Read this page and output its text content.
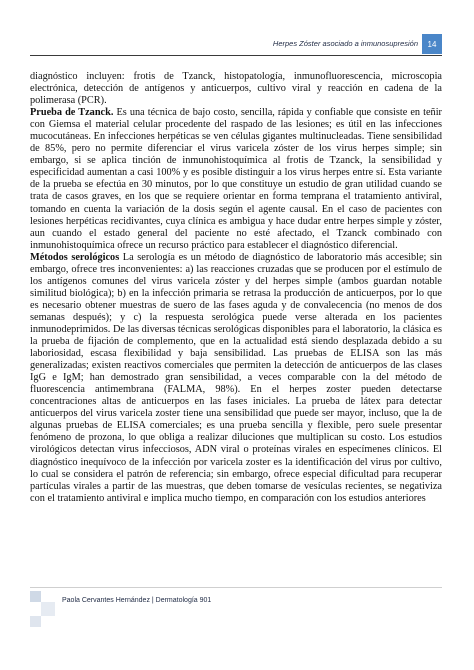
Herpes Zóster asociado a inmunosupresión	14

diagnóstico incluyen: frotis de Tzanck, histopatología, inmunofluorescencia, microscopia electrónica, detección de antígenos y anticuerpos, cultivo viral y reacción en cadena de la polimerasa (PCR).

Prueba de Tzanck. Es una técnica de bajo costo, sencilla, rápida y confiable que consiste en teñir con Giemsa el material celular procedente del raspado de las lesiones; es útil en las infecciones mucocutáneas. En infecciones herpéticas se ven células gigantes multinucleadas. Tiene sensibilidad de 85%, pero no permite diferenciar el virus varicela zóster de los virus herpes simple; sin embargo, si se aplica tinción de inmunohistoquímica al frotis de Tzanck, la sensibilidad y especificidad aumentan a casi 100% y es posible distinguir a los virus herpes entre sí. Esta variante de la prueba se efectúa en 30 minutos, por lo que constituye un estudio de gran utilidad cuando se trata de casos graves, en los que se requiere orientar en forma temprana el tratamiento antiviral, tomando en cuenta la variación de la dosis según el agente causal. En el caso de pacientes con lesiones herpéticas recidivantes, cuya clínica es ambigua y hace dudar entre herpes simple y zóster, aun cuando el estado general del paciente no esté afectado, el Tzanck combinado con inmunohistoquímica ofrece un recurso práctico para establecer el diagnóstico diferencial.

Métodos serológicos La serología es un método de diagnóstico de laboratorio más accesible; sin embargo, ofrece tres inconvenientes: a) las reacciones cruzadas que se producen por el estímulo de los antígenos comunes del virus varicela zóster y del herpes simple (ambos guardan notable similitud biológica); b) en la infección primaria se retrasa la producción de anticuerpos, por lo que es necesario obtener muestras de suero de las fases aguda y de convalecencia (no menos de dos semanas después); y c) la respuesta serológica puede verse alterada en los pacientes inmunodeprimidos. De las diversas técnicas serológicas disponibles para el laboratorio, la clásica es la prueba de fijación de complemento, que en la actualidad está siendo desplazada debido a su laboriosidad, escasa flexibilidad y baja sensibilidad. Las pruebas de ELISA son las más generalizadas; existen reactivos comerciales que permiten la detección de anticuerpos de las clases IgG e IgM; han demostrado gran sensibilidad, a veces comparable con la del método de fluorescencia antimembrana (FALMA, 98%). En el herpes zoster pueden detectarse concentraciones altas de anticuerpos en las fases iniciales. La prueba de látex para detectar anticuerpos del virus varicela zoster tiene una sensibilidad que puede ser mayor, incluso, que la de algunas pruebas de ELISA comerciales; es una prueba sencilla y flexible, pero suele presentar fenómeno de prozona, lo que obliga a realizar diluciones que multiplican su costo. Los estudios virológicos detectan virus infecciosos, ADN viral o proteínas virales en especímenes clínicos. El diagnóstico inequívoco de la infección por varicela zoster es la identificación del virus por cultivo, lo cual se considera el patrón de referencia; sin embargo, ofrece especial dificultad para recuperar partículas virales a partir de las muestras, que deben tomarse de vesículas recientes, se negativiza con el tratamiento antiviral e implica mucho tiempo, en comparación con los estudios anteriores

Paola Cervantes Hernández | Dermatología 901
